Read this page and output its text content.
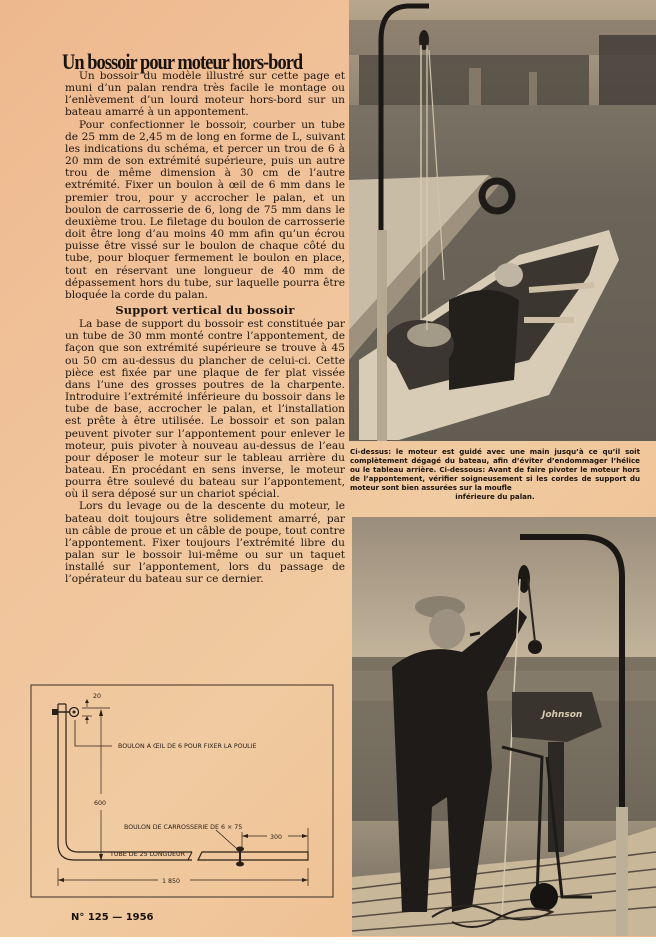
Un bossoir pour moteur hors-bord

Un bossoir du modèle illustré sur cette page et muni d’un palan rendra très facile le montage ou l’enlèvement d’un lourd moteur hors-bord sur un bateau amarré à un appontement.

Pour confectionner le bossoir, courber un tube de 25 mm de 2,45 m de long en forme de L, suivant les indications du schéma, et percer un trou de 6 à 20 mm de son extrémité supérieure, puis un autre trou de même dimension à 30 cm de l’autre extrémité. Fixer un boulon à œil de 6 mm dans le premier trou, pour y accrocher le palan, et un boulon de carrosserie de 6, long de 75 mm dans le deuxième trou. Le filetage du boulon de carrosserie doit être long d’au moins 40 mm afin qu’un écrou puisse être vissé sur le boulon de chaque côté du tube, pour bloquer fermement le boulon en place, tout en réservant une longueur de 40 mm de dépassement hors du tube, sur laquelle pourra être bloquée la corde du palan.

Support vertical du bossoir

La base de support du bossoir est constituée par un tube de 30 mm monté contre l’appontement, de façon que son extrémité supérieure se trouve à 45 ou 50 cm au-dessus du plancher de celui-ci. Cette pièce est fixée par une plaque de fer plat vissée dans l’une des grosses poutres de la charpente. Introduire l’extrémité inférieure du bossoir dans le tube de base, accrocher le palan, et l’installation est prête à être utilisée. Le bossoir et son palan peuvent pivoter sur l’appontement pour enlever le moteur, puis pivoter à nouveau au-dessus de l’eau pour déposer le moteur sur le tableau arrière du bateau. En procédant en sens inverse, le moteur pourra être soulevé du bateau sur l’appontement, où il sera déposé sur un chariot spécial.

Lors du levage ou de la descente du moteur, le bateau doit toujours être solidement amarré, par un câble de proue et un câble de poupe, tout contre l’appontement. Fixer toujours l’extrémité libre du palan sur le bossoir lui-même ou sur un taquet installé sur l’appontement, lors du passage de l’opérateur du bateau sur ce dernier.

20
600
BOULON A ŒIL DE 6 POUR FIXER LA POULIE
BOULON DE CARROSSERIE DE 6 × 75
TUBE DE 25 LONGUEUR
300
1 850
N° 125 — 1956
Ci-dessus: le moteur est guidé avec une main jusqu’à ce qu’il soit complètement dégagé du bateau, afin d’éviter d’endommager l’hélice ou le tableau arrière. Ci-dessous: Avant de faire pivoter le moteur hors de l’appontement, vérifier soigneusement si les cordes de support du moteur sont bien assurées sur la moufle
inférieure du palan.
Johnson
